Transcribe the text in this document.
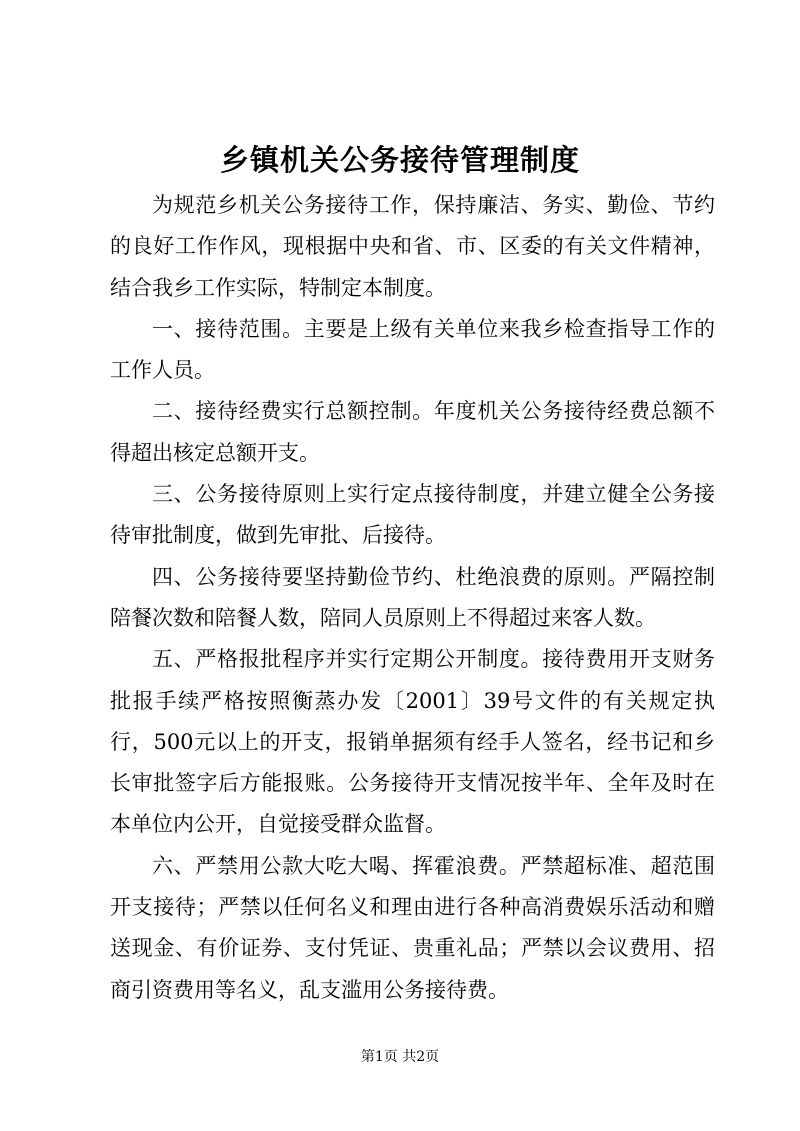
乡镇机关公务接待管理制度

为规范乡机关公务接待工作，保持廉洁、务实、勤俭、节约的良好工作作风，现根据中央和省、市、区委的有关文件精神，结合我乡工作实际，特制定本制度。

一、接待范围。主要是上级有关单位来我乡检查指导工作的工作人员。

二、接待经费实行总额控制。年度机关公务接待经费总额不得超出核定总额开支。

三、公务接待原则上实行定点接待制度，并建立健全公务接待审批制度，做到先审批、后接待。

四、公务接待要坚持勤俭节约、杜绝浪费的原则。严隔控制陪餐次数和陪餐人数，陪同人员原则上不得超过来客人数。

五、严格报批程序并实行定期公开制度。接待费用开支财务批报手续严格按照衡蒸办发〔2001〕39号文件的有关规定执行，500元以上的开支，报销单据须有经手人签名，经书记和乡长审批签字后方能报账。公务接待开支情况按半年、全年及时在本单位内公开，自觉接受群众监督。

六、严禁用公款大吃大喝、挥霍浪费。严禁超标准、超范围开支接待；严禁以任何名义和理由进行各种高消费娱乐活动和赠送现金、有价证券、支付凭证、贵重礼品；严禁以会议费用、招商引资费用等名义，乱支滥用公务接待费。

第1页 共2页
